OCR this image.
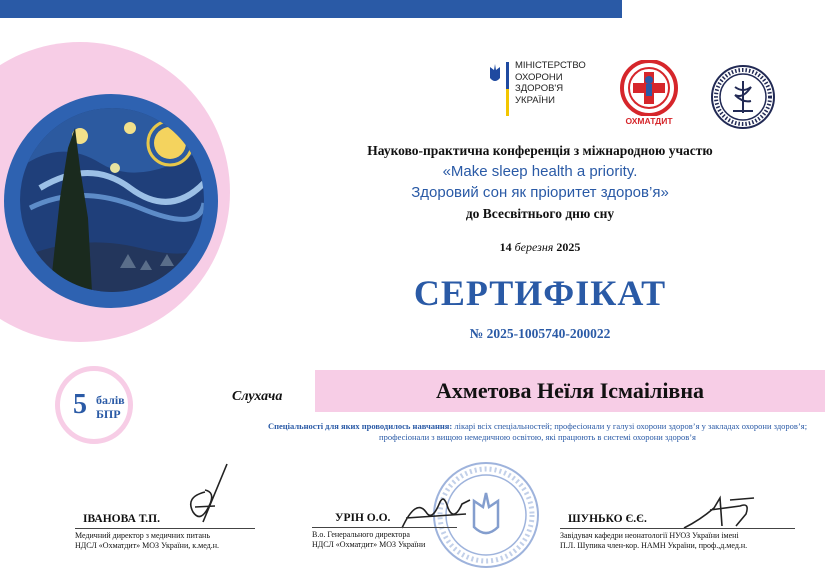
МІНІСТЕРСТВО
ОХОРОНИ
ЗДОРОВ'Я
УКРАЇНИ
ОХМАТДИТ
Науково-практична конференція з міжнародною участю
«Make sleep health a priority.
Здоровий сон як пріоритет здоров’я»
до Всесвітнього дню сну
14 березня 2025
СЕРТИФІКАТ
№ 2025-1005740-200022
5 балів
БПР
Слухача	Ахметова Неїля Ісмаілівна
Спеціальності для яких проводилось навчання: лікарі всіх спеціальностей; професіонали у галузі охорони здоров’я у закладах охорони здоров’я; професіонали з вищою немедичною освітою, які працюють в системі охорони здоров’я
ІВАНОВА Т.П.
Медичний директор з медичних питань
НДСЛ «Охматдит» МОЗ України, к.мед.н.
УРІН О.О.
В.о. Генерального директора
НДСЛ «Охматдит» МОЗ України
ШУНЬКО Є.Є.
Завідувач кафедри неонатології НУОЗ України імені
П.Л. Шупика член-кор. НАМН України, проф.,д.мед.н.
